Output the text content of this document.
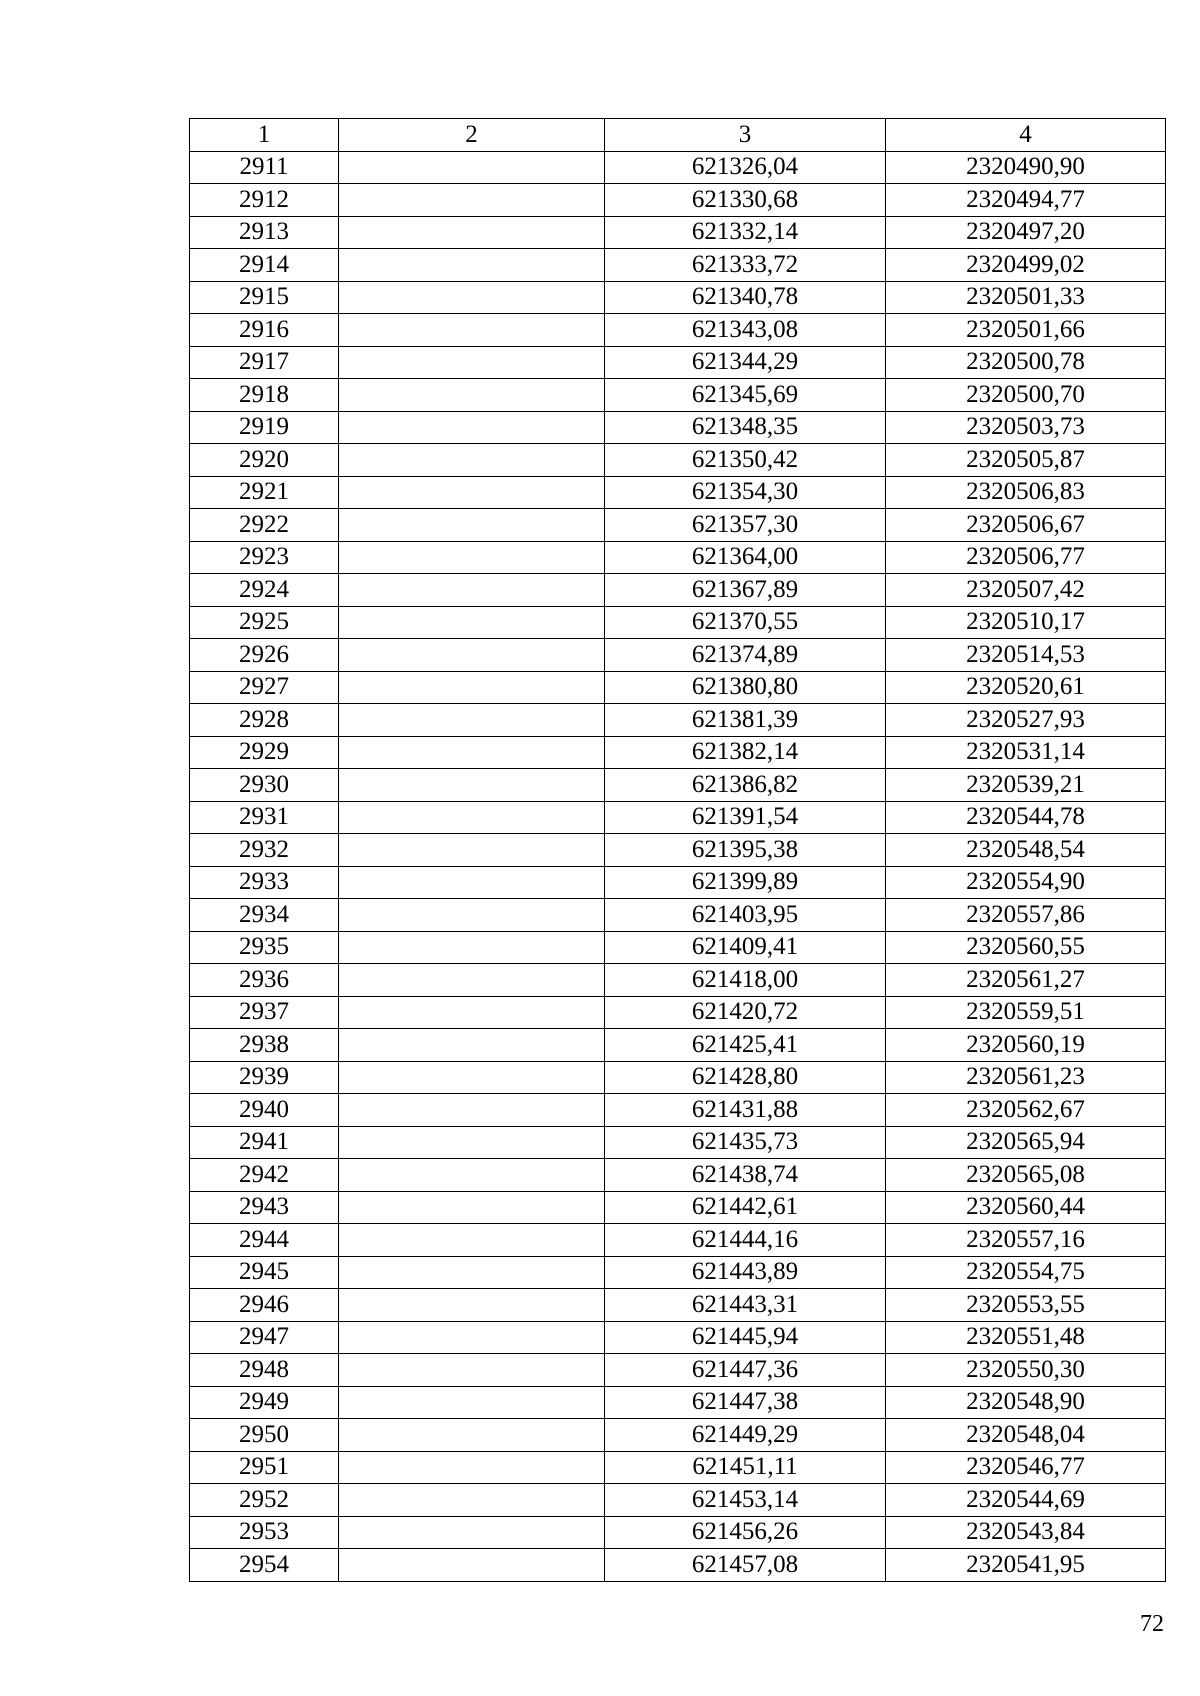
1	2	3	4
2911		621326,04	2320490,90
2912		621330,68	2320494,77
2913		621332,14	2320497,20
2914		621333,72	2320499,02
2915		621340,78	2320501,33
2916		621343,08	2320501,66
2917		621344,29	2320500,78
2918		621345,69	2320500,70
2919		621348,35	2320503,73
2920		621350,42	2320505,87
2921		621354,30	2320506,83
2922		621357,30	2320506,67
2923		621364,00	2320506,77
2924		621367,89	2320507,42
2925		621370,55	2320510,17
2926		621374,89	2320514,53
2927		621380,80	2320520,61
2928		621381,39	2320527,93
2929		621382,14	2320531,14
2930		621386,82	2320539,21
2931		621391,54	2320544,78
2932		621395,38	2320548,54
2933		621399,89	2320554,90
2934		621403,95	2320557,86
2935		621409,41	2320560,55
2936		621418,00	2320561,27
2937		621420,72	2320559,51
2938		621425,41	2320560,19
2939		621428,80	2320561,23
2940		621431,88	2320562,67
2941		621435,73	2320565,94
2942		621438,74	2320565,08
2943		621442,61	2320560,44
2944		621444,16	2320557,16
2945		621443,89	2320554,75
2946		621443,31	2320553,55
2947		621445,94	2320551,48
2948		621447,36	2320550,30
2949		621447,38	2320548,90
2950		621449,29	2320548,04
2951		621451,11	2320546,77
2952		621453,14	2320544,69
2953		621456,26	2320543,84
2954		621457,08	2320541,95
72
